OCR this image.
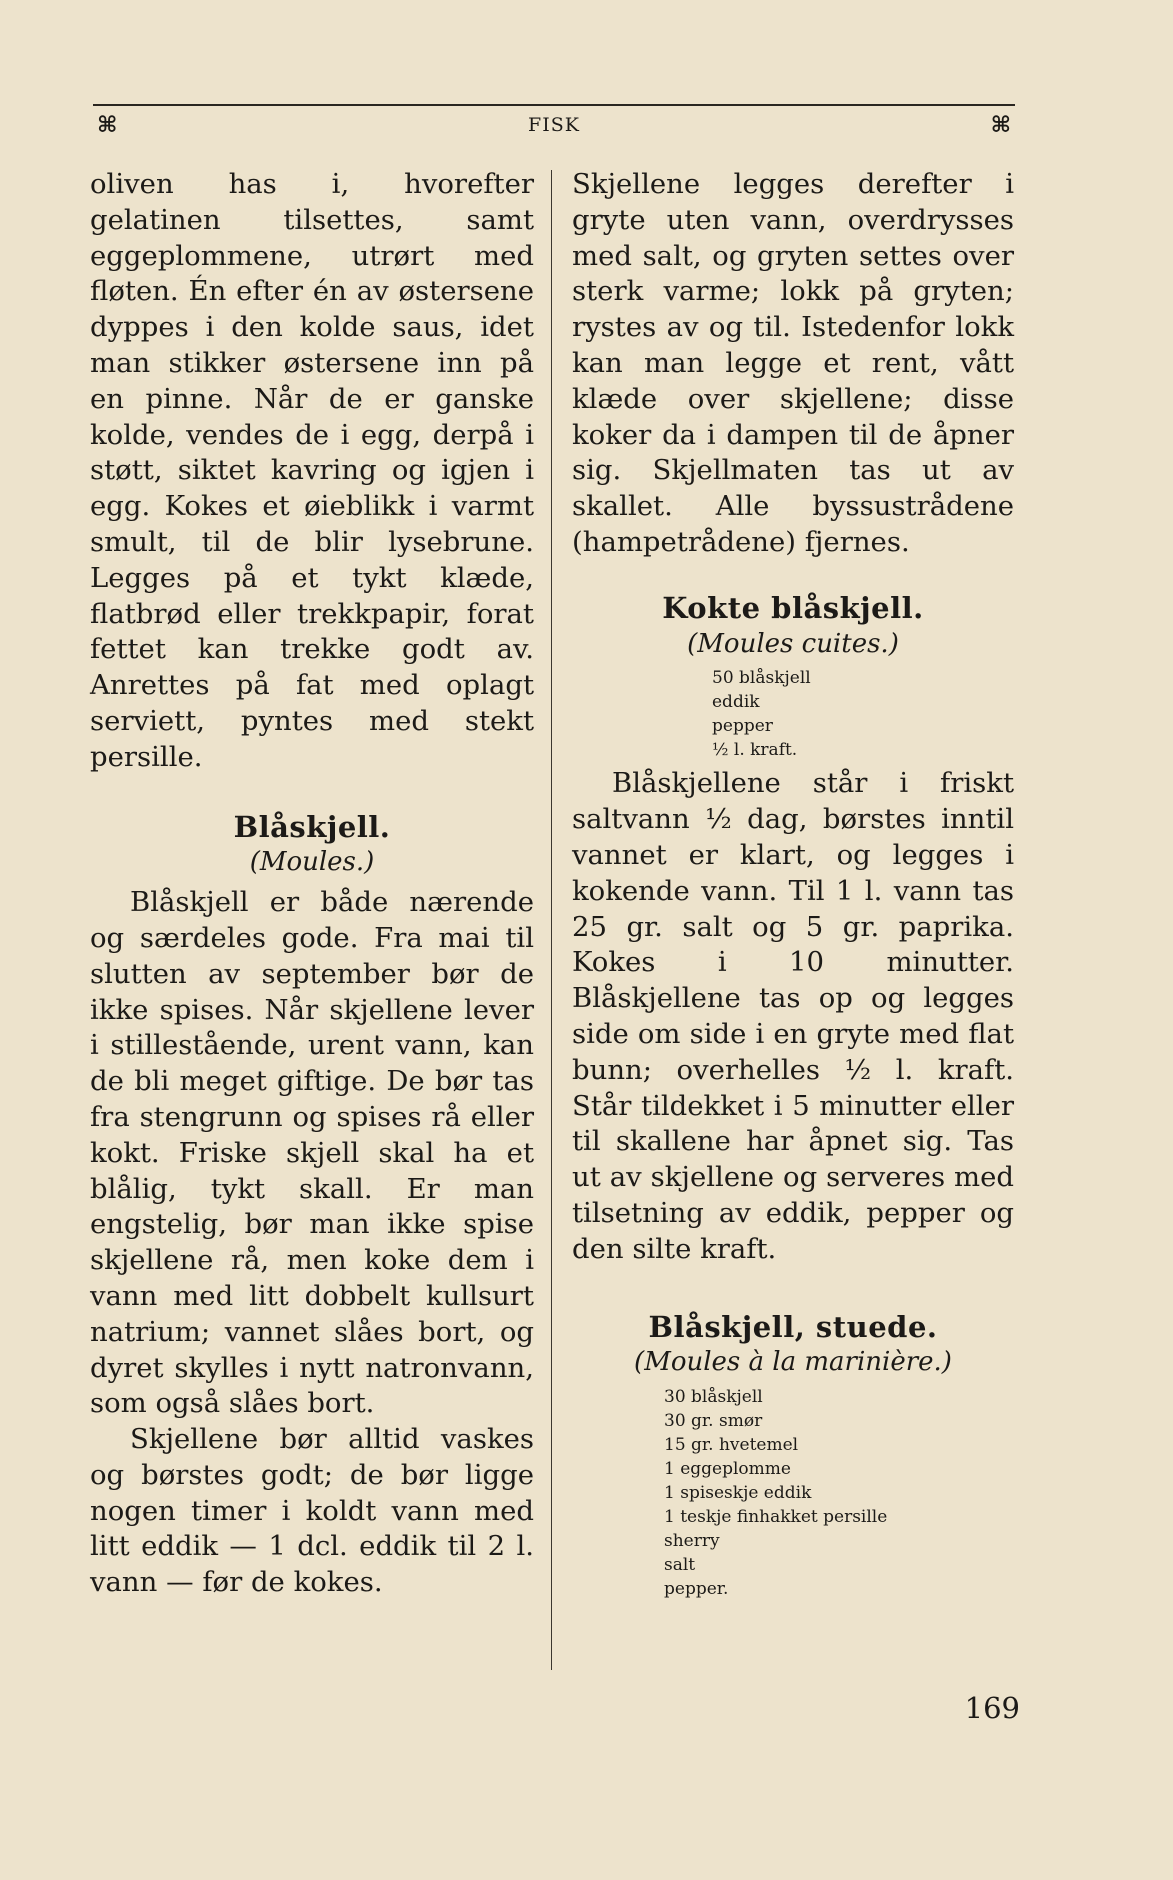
⌘	FISK	⌘

oliven has i, hvorefter gelatinen tilsettes, samt eggeplommene, utrørt med fløten. Én efter én av østersene dyppes i den kolde saus, idet man stikker østersene inn på en pinne. Når de er ganske kolde, vendes de i egg, derpå i støtt, siktet kavring og igjen i egg. Kokes et øieblikk i varmt smult, til de blir lysebrune. Legges på et tykt klæde, flatbrød eller trekkpapir, forat fettet kan trekke godt av. Anrettes på fat med oplagt serviett, pyntes med stekt persille.

Blåskjell.

(Moules.)

Blåskjell er både nærende og særdeles gode. Fra mai til slutten av september bør de ikke spises. Når skjellene lever i stillestående, urent vann, kan de bli meget giftige. De bør tas fra stengrunn og spises rå eller kokt. Friske skjell skal ha et blålig, tykt skall. Er man engstelig, bør man ikke spise skjellene rå, men koke dem i vann med litt dobbelt kullsurt natrium; vannet slåes bort, og dyret skylles i nytt natronvann, som også slåes bort.

Skjellene bør alltid vaskes og børstes godt; de bør ligge nogen timer i koldt vann med litt eddik — 1 dcl. eddik til 2 l. vann — før de kokes.

Skjellene legges derefter i gryte uten vann, overdrysses med salt, og gryten settes over sterk varme; lokk på gryten; rystes av og til. Istedenfor lokk kan man legge et rent, vått klæde over skjellene; disse koker da i dampen til de åpner sig. Skjellmaten tas ut av skallet. Alle byssustrådene (hampetrådene) fjernes.

Kokte blåskjell.

(Moules cuites.)

50 blåskjell

eddik

pepper

½ l. kraft.

Blåskjellene står i friskt saltvann ½ dag, børstes inntil vannet er klart, og legges i kokende vann. Til 1 l. vann tas 25 gr. salt og 5 gr. paprika. Kokes i 10 minutter. Blåskjellene tas op og legges side om side i en gryte med flat bunn; overhelles ½ l. kraft. Står tildekket i 5 minutter eller til skallene har åpnet sig. Tas ut av skjellene og serveres med tilsetning av eddik, pepper og den silte kraft.

Blåskjell, stuede.

(Moules à la marinière.)

30 blåskjell

30 gr. smør

15 gr. hvetemel

1 eggeplomme

1 spiseskje eddik

1 teskje finhakket persille

sherry

salt

pepper.

169
